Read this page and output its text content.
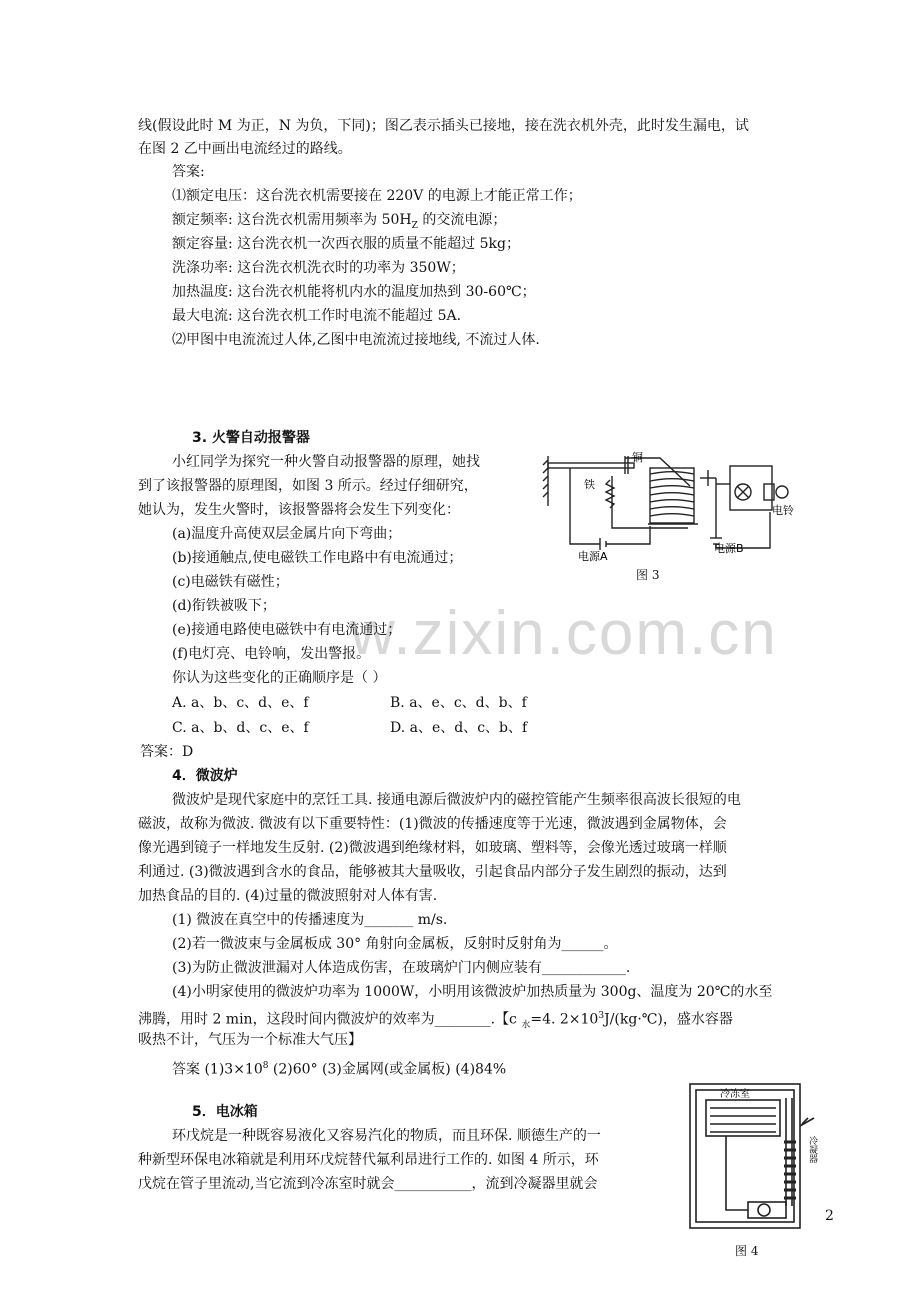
w.zixin.com.cn
线(假设此时 M 为正，N 为负，下同)；图乙表示插头已接地，接在洗衣机外壳，此时发生漏电，试
在图 2 乙中画出电流经过的路线。
答案:
⑴额定电压：这台洗衣机需要接在 220V 的电源上才能正常工作；
额定频率: 这台洗衣机需用频率为 $50H_Z$ 的交流电源；
额定容量: 这台洗衣机一次西衣服的质量不能超过 5kg；
洗涤功率: 这台洗衣机洗衣时的功率为 350W；
加热温度: 这台洗衣机能将机内水的温度加热到 30-60℃；
最大电流: 这台洗衣机工作时电流不能超过 5A.
⑵甲图中电流流过人体,乙图中电流流过接地线, 不流过人体.
3. 火警自动报警器
小红同学为探究一种火警自动报警器的原理，她找
到了该报警器的原理图，如图 3 所示。经过仔细研究，
她认为，发生火警时，该报警器将会发生下列变化：
(a)温度升高使双层金属片向下弯曲；
(b)接通触点,使电磁铁工作电路中有电流通过；
(c)电磁铁有磁性；
(d)衔铁被吸下；
(e)接通电路使电磁铁中有电流通过；
(f)电灯亮、电铃响，发出警报。
你认为这些变化的正确顺序是（ ）
A. a、b、c、d、e、f	B. a、e、c、d、b、f
C. a、b、d、c、e、f	D. a、e、d、c、b、f
答案：D
铜
铁
电铃
电源A
电源B
图 3
4．微波炉
微波炉是现代家庭中的烹饪工具. 接通电源后微波炉内的磁控管能产生频率很高波长很短的电
磁波，故称为微波. 微波有以下重要特性：(1)微波的传播速度等于光速，微波遇到金属物体，会
像光遇到镜子一样地发生反射. (2)微波遇到绝缘材料，如玻璃、塑料等，会像光透过玻璃一样顺
利通过. (3)微波遇到含水的食品，能够被其大量吸收，引起食品内部分子发生剧烈的振动，达到
加热食品的目的. (4)过量的微波照射对人体有害.
(1) 微波在真空中的传播速度为_______ m/s.
(2)若一微波束与金属板成 30° 角射向金属板，反射时反射角为______。
(3)为防止微波泄漏对人体造成伤害，在玻璃炉门内侧应装有____________.
(4)小明家使用的微波炉功率为 1000W，小明用该微波炉加热质量为 300g、温度为 20℃的水至
沸腾，用时 2 min，这段时间内微波炉的效率为________.【c $_水$=4. $2\times 10^3J/(kg\cdot℃)$，盛水容器
吸热不计，气压为一个标准大气压】
答案 $(1)3\times 10^8$ (2)60° (3)金属网(或金属板) (4)84%
5．电冰箱
环戊烷是一种既容易液化又容易汽化的物质，而且环保. 顺德生产的一
种新型环保电冰箱就是利用环戊烷替代氟利昂进行工作的. 如图 4 所示，环
戊烷在管子里流动,当它流到冷冻室时就会___________，流到冷凝器里就会
冷冻室
冷凝器
图 4
2
